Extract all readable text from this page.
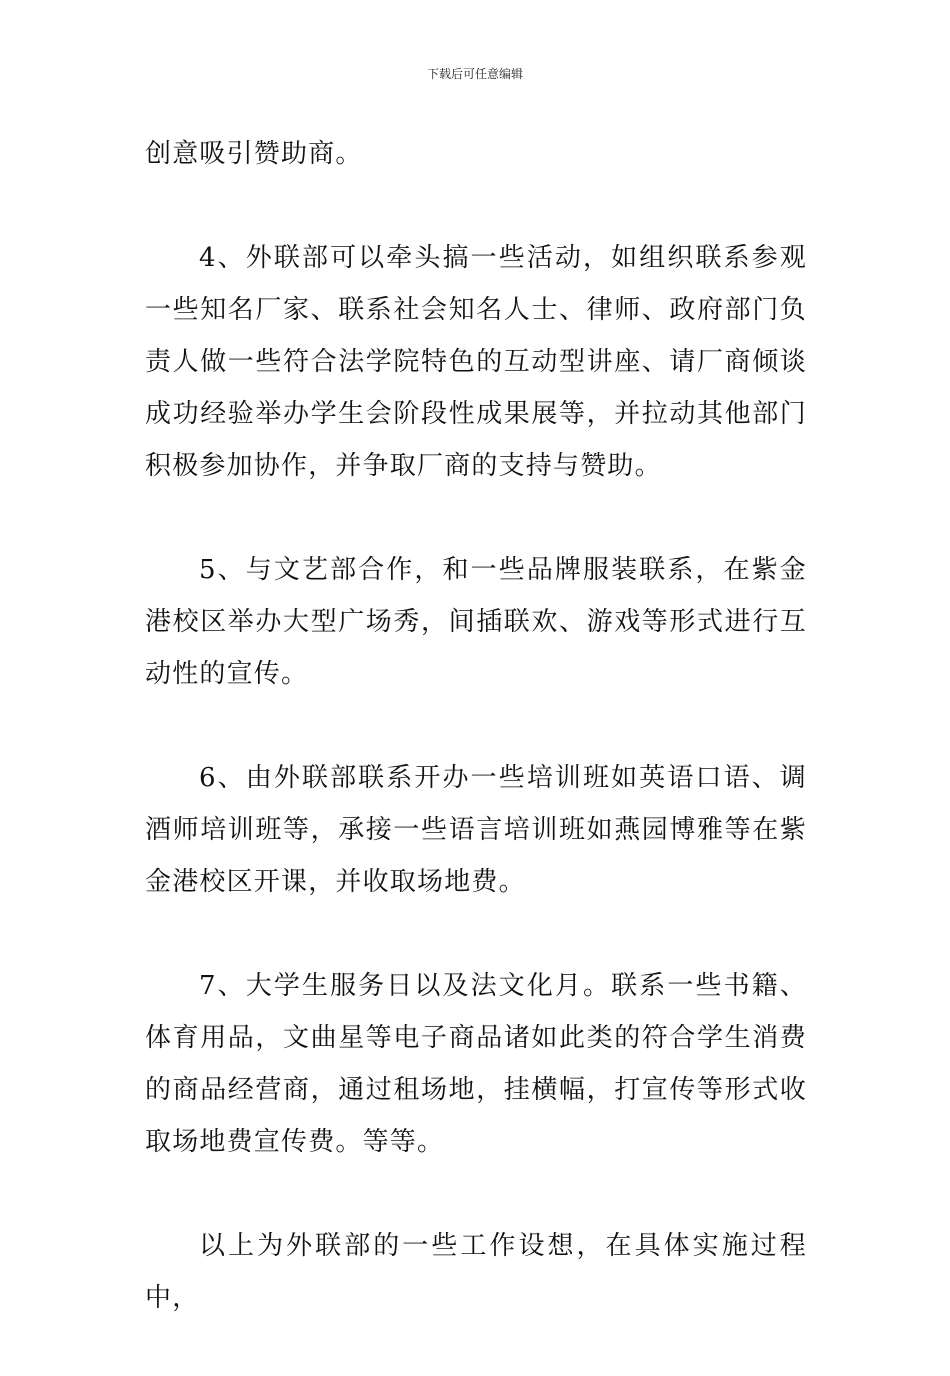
下载后可任意编辑

创意吸引赞助商。

4、外联部可以牵头搞一些活动，如组织联系参观一些知名厂家、联系社会知名人士、律师、政府部门负责人做一些符合法学院特色的互动型讲座、请厂商倾谈成功经验举办学生会阶段性成果展等，并拉动其他部门积极参加协作，并争取厂商的支持与赞助。

5、与文艺部合作，和一些品牌服装联系，在紫金港校区举办大型广场秀，间插联欢、游戏等形式进行互动性的宣传。

6、由外联部联系开办一些培训班如英语口语、调酒师培训班等，承接一些语言培训班如燕园博雅等在紫金港校区开课，并收取场地费。

7、大学生服务日以及法文化月。联系一些书籍、体育用品，文曲星等电子商品诸如此类的符合学生消费的商品经营商，通过租场地，挂横幅，打宣传等形式收取场地费宣传费。等等。

以上为外联部的一些工作设想，在具体实施过程中，
